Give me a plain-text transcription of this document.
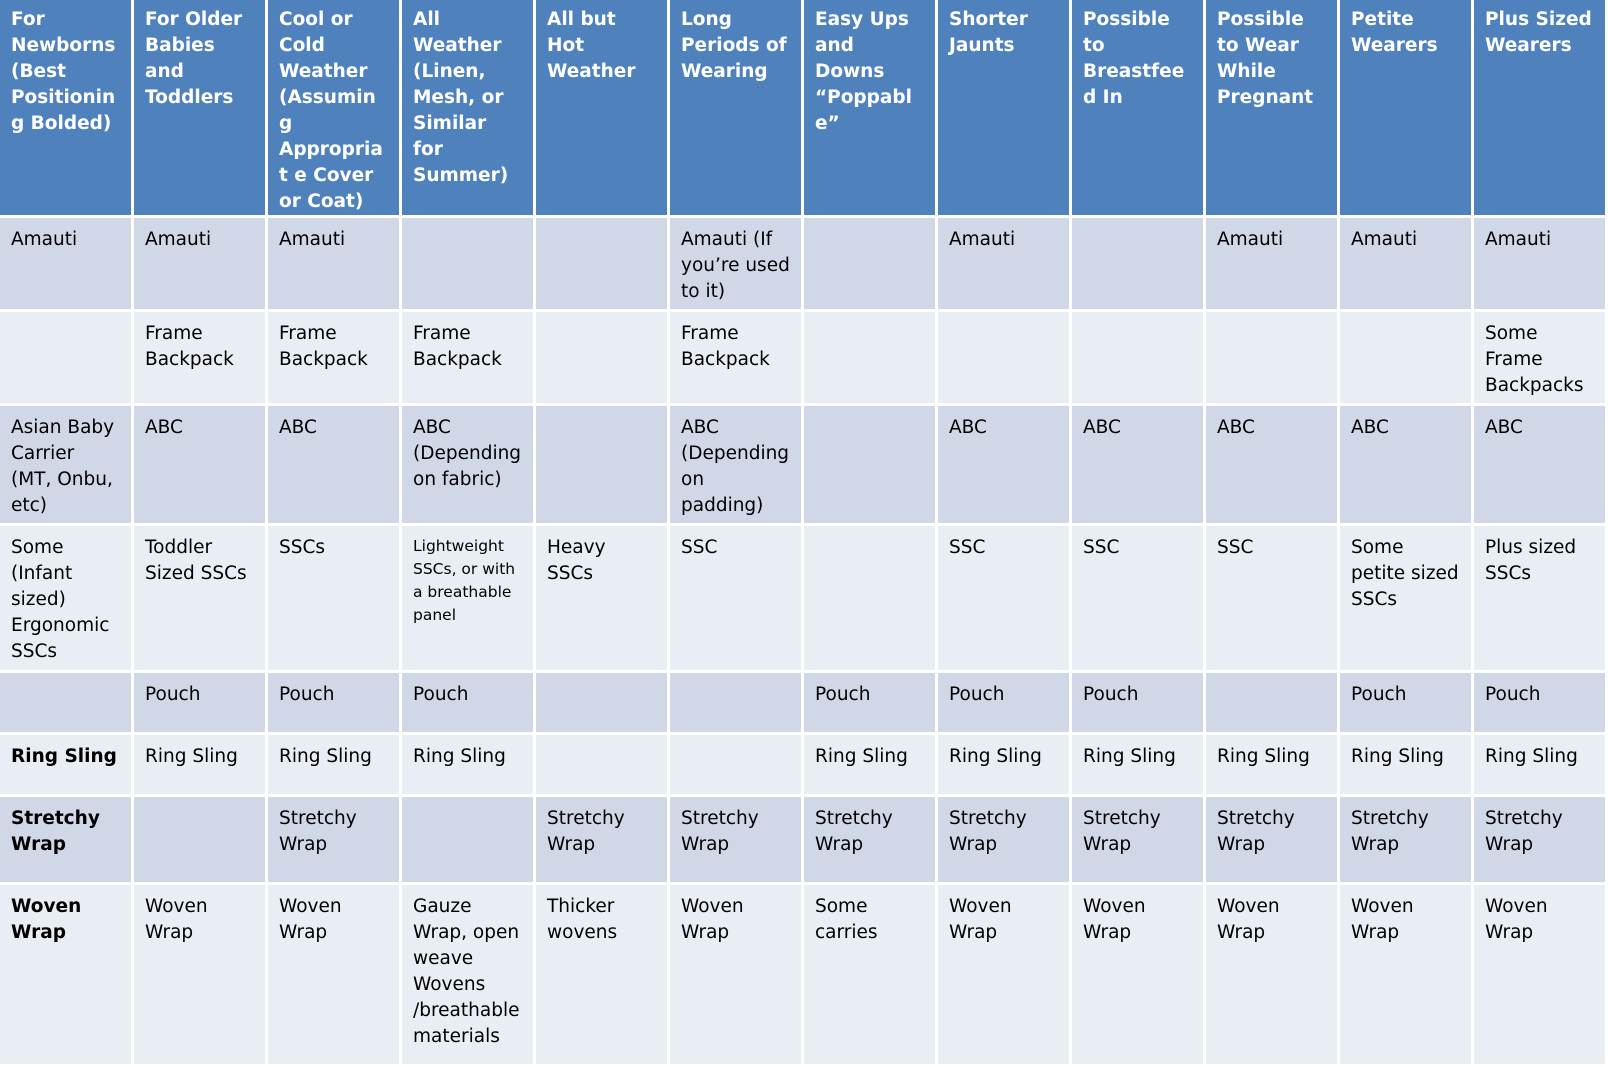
For Newborns (Best Positioning Bolded)	For Older Babies and Toddlers	Cool or Cold Weather (Assuming Appropriat e Cover or Coat)	All Weather (Linen, Mesh, or Similar for Summer)	All but Hot Weather	Long Periods of Wearing	Easy Ups and Downs “Poppable”	Shorter Jaunts	Possible to Breastfeed In	Possible to Wear While Pregnant	Petite Wearers	Plus Sized Wearers
Amauti	Amauti	Amauti			Amauti (If you’re used to it)		Amauti		Amauti	Amauti	Amauti
	Frame Backpack	Frame Backpack	Frame Backpack		Frame Backpack						Some Frame Backpacks
Asian Baby Carrier (MT, Onbu, etc)	ABC	ABC	ABC (Depending on fabric)		ABC (Depending on padding)		ABC	ABC	ABC	ABC	ABC
Some (Infant sized) Ergonomic SSCs	Toddler Sized SSCs	SSCs	Lightweight SSCs, or with a breathable panel	Heavy SSCs	SSC		SSC	SSC	SSC	Some petite sized SSCs	Plus sized SSCs
	Pouch	Pouch	Pouch			Pouch	Pouch	Pouch		Pouch	Pouch
Ring Sling	Ring Sling	Ring Sling	Ring Sling			Ring Sling	Ring Sling	Ring Sling	Ring Sling	Ring Sling	Ring Sling
Stretchy Wrap		Stretchy Wrap		Stretchy Wrap	Stretchy Wrap	Stretchy Wrap	Stretchy Wrap	Stretchy Wrap	Stretchy Wrap	Stretchy Wrap	Stretchy Wrap
Woven Wrap	Woven Wrap	Woven Wrap	Gauze Wrap, open weave Wovens /breathable materials	Thicker wovens	Woven Wrap	Some carries	Woven Wrap	Woven Wrap	Woven Wrap	Woven Wrap	Woven Wrap
